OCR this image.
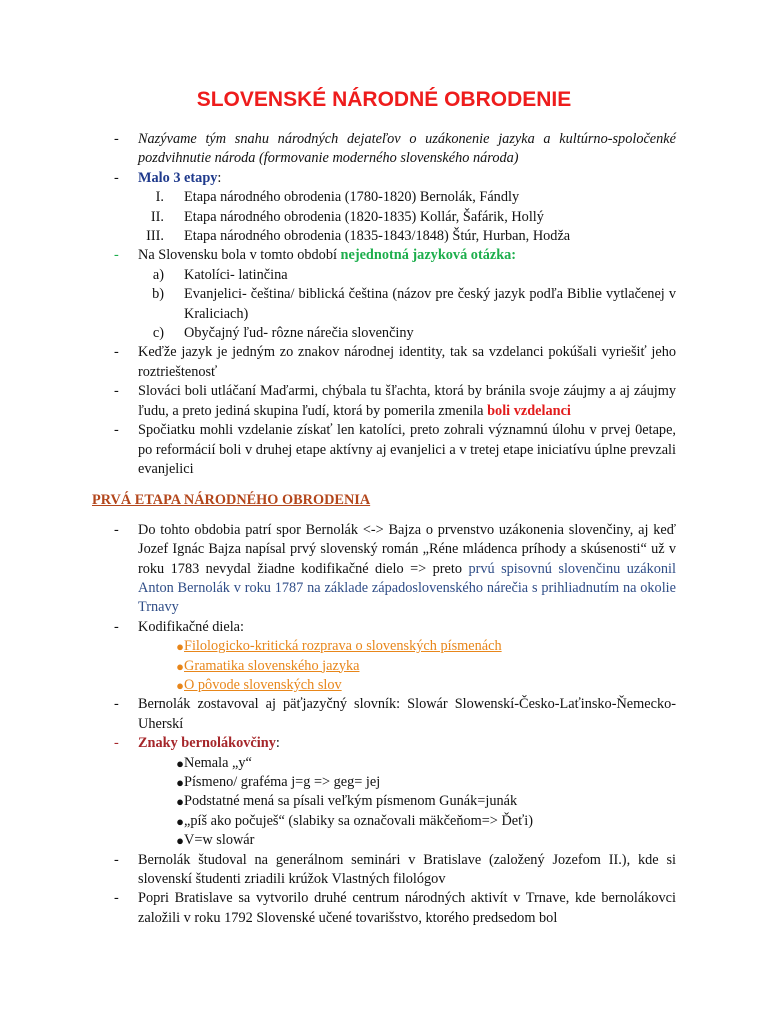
SLOVENSKÉ NÁRODNÉ OBRODENIE
- Nazývame tým snahu národných dejateľov o uzákonenie jazyka a kultúrno-spoločenké pozdvihnutie národa (formovanie moderného slovenského národa)
- Malo 3 etapy:
I. Etapa národného obrodenia (1780-1820) Bernolák, Fándly
II. Etapa národného obrodenia (1820-1835) Kollár, Šafárik, Hollý
III. Etapa národného obrodenia (1835-1843/1848) Štúr, Hurban, Hodža
- Na Slovensku bola v tomto období nejednotná jazyková otázka:
a) Katolíci- latinčina
b) Evanjelici- čeština/ biblická čeština (názov pre český jazyk podľa Biblie vytlačenej v Kraliciach)
c) Obyčajný ľud- rôzne nárečia slovenčiny
- Keďže jazyk je jedným zo znakov národnej identity, tak sa vzdelanci pokúšali vyriešiť jeho roztrieštenosť
- Slováci boli utláčaní Maďarmi, chýbala tu šľachta, ktorá by bránila svoje záujmy a aj záujmy ľudu, a preto jediná skupina ľudí, ktorá by pomerila zmenila boli vzdelanci
- Spočiatku mohli vzdelanie získať len katolíci, preto zohrali významnú úlohu v prvej 0etape, po reformácií boli v druhej etape aktívny aj evanjelici a v tretej etape iniciatívu úplne prevzali evanjelici
PRVÁ ETAPA NÁRODNÉHO OBRODENIA
- Do tohto obdobia patrí spor Bernolák <-> Bajza o prvenstvo uzákonenia slovenčiny, aj keď Jozef Ignác Bajza napísal prvý slovenský román „Réne mládenca príhody a skúsenosti“ už v roku 1783 nevydal žiadne kodifikačné dielo => preto prvú spisovnú slovenčinu uzákonil Anton Bernolák v roku 1787 na základe západoslovenského nárečia s prihliadnutím na okolie Trnavy
- Kodifikačné diela:
● Filologicko-kritická rozprava o slovenských písmenách
● Gramatika slovenského jazyka
● O pôvode slovenských slov
- Bernolák zostavoval aj päťjazyčný slovník: Slowár Slowenskí-Česko-Laťinsko-Ňemecko-Uherskí
- Znaky bernolákovčiny:
● Nemala „y“
● Písmeno/ graféma j=g => geg= jej
● Podstatné mená sa písali veľkým písmenom Gunák=junák
● „píš ako počuješ“ (slabiky sa označovali mäkčeňom=> Ďeťi)
● V=w slowár
- Bernolák študoval na generálnom seminári v Bratislave (založený Jozefom II.), kde si slovenskí študenti zriadili krúžok Vlastných filológov
- Popri Bratislave sa vytvorilo druhé centrum národných aktivít v Trnave, kde bernolákovci založili v roku 1792 Slovenské učené tovarišstvo, ktorého predsedom bol
